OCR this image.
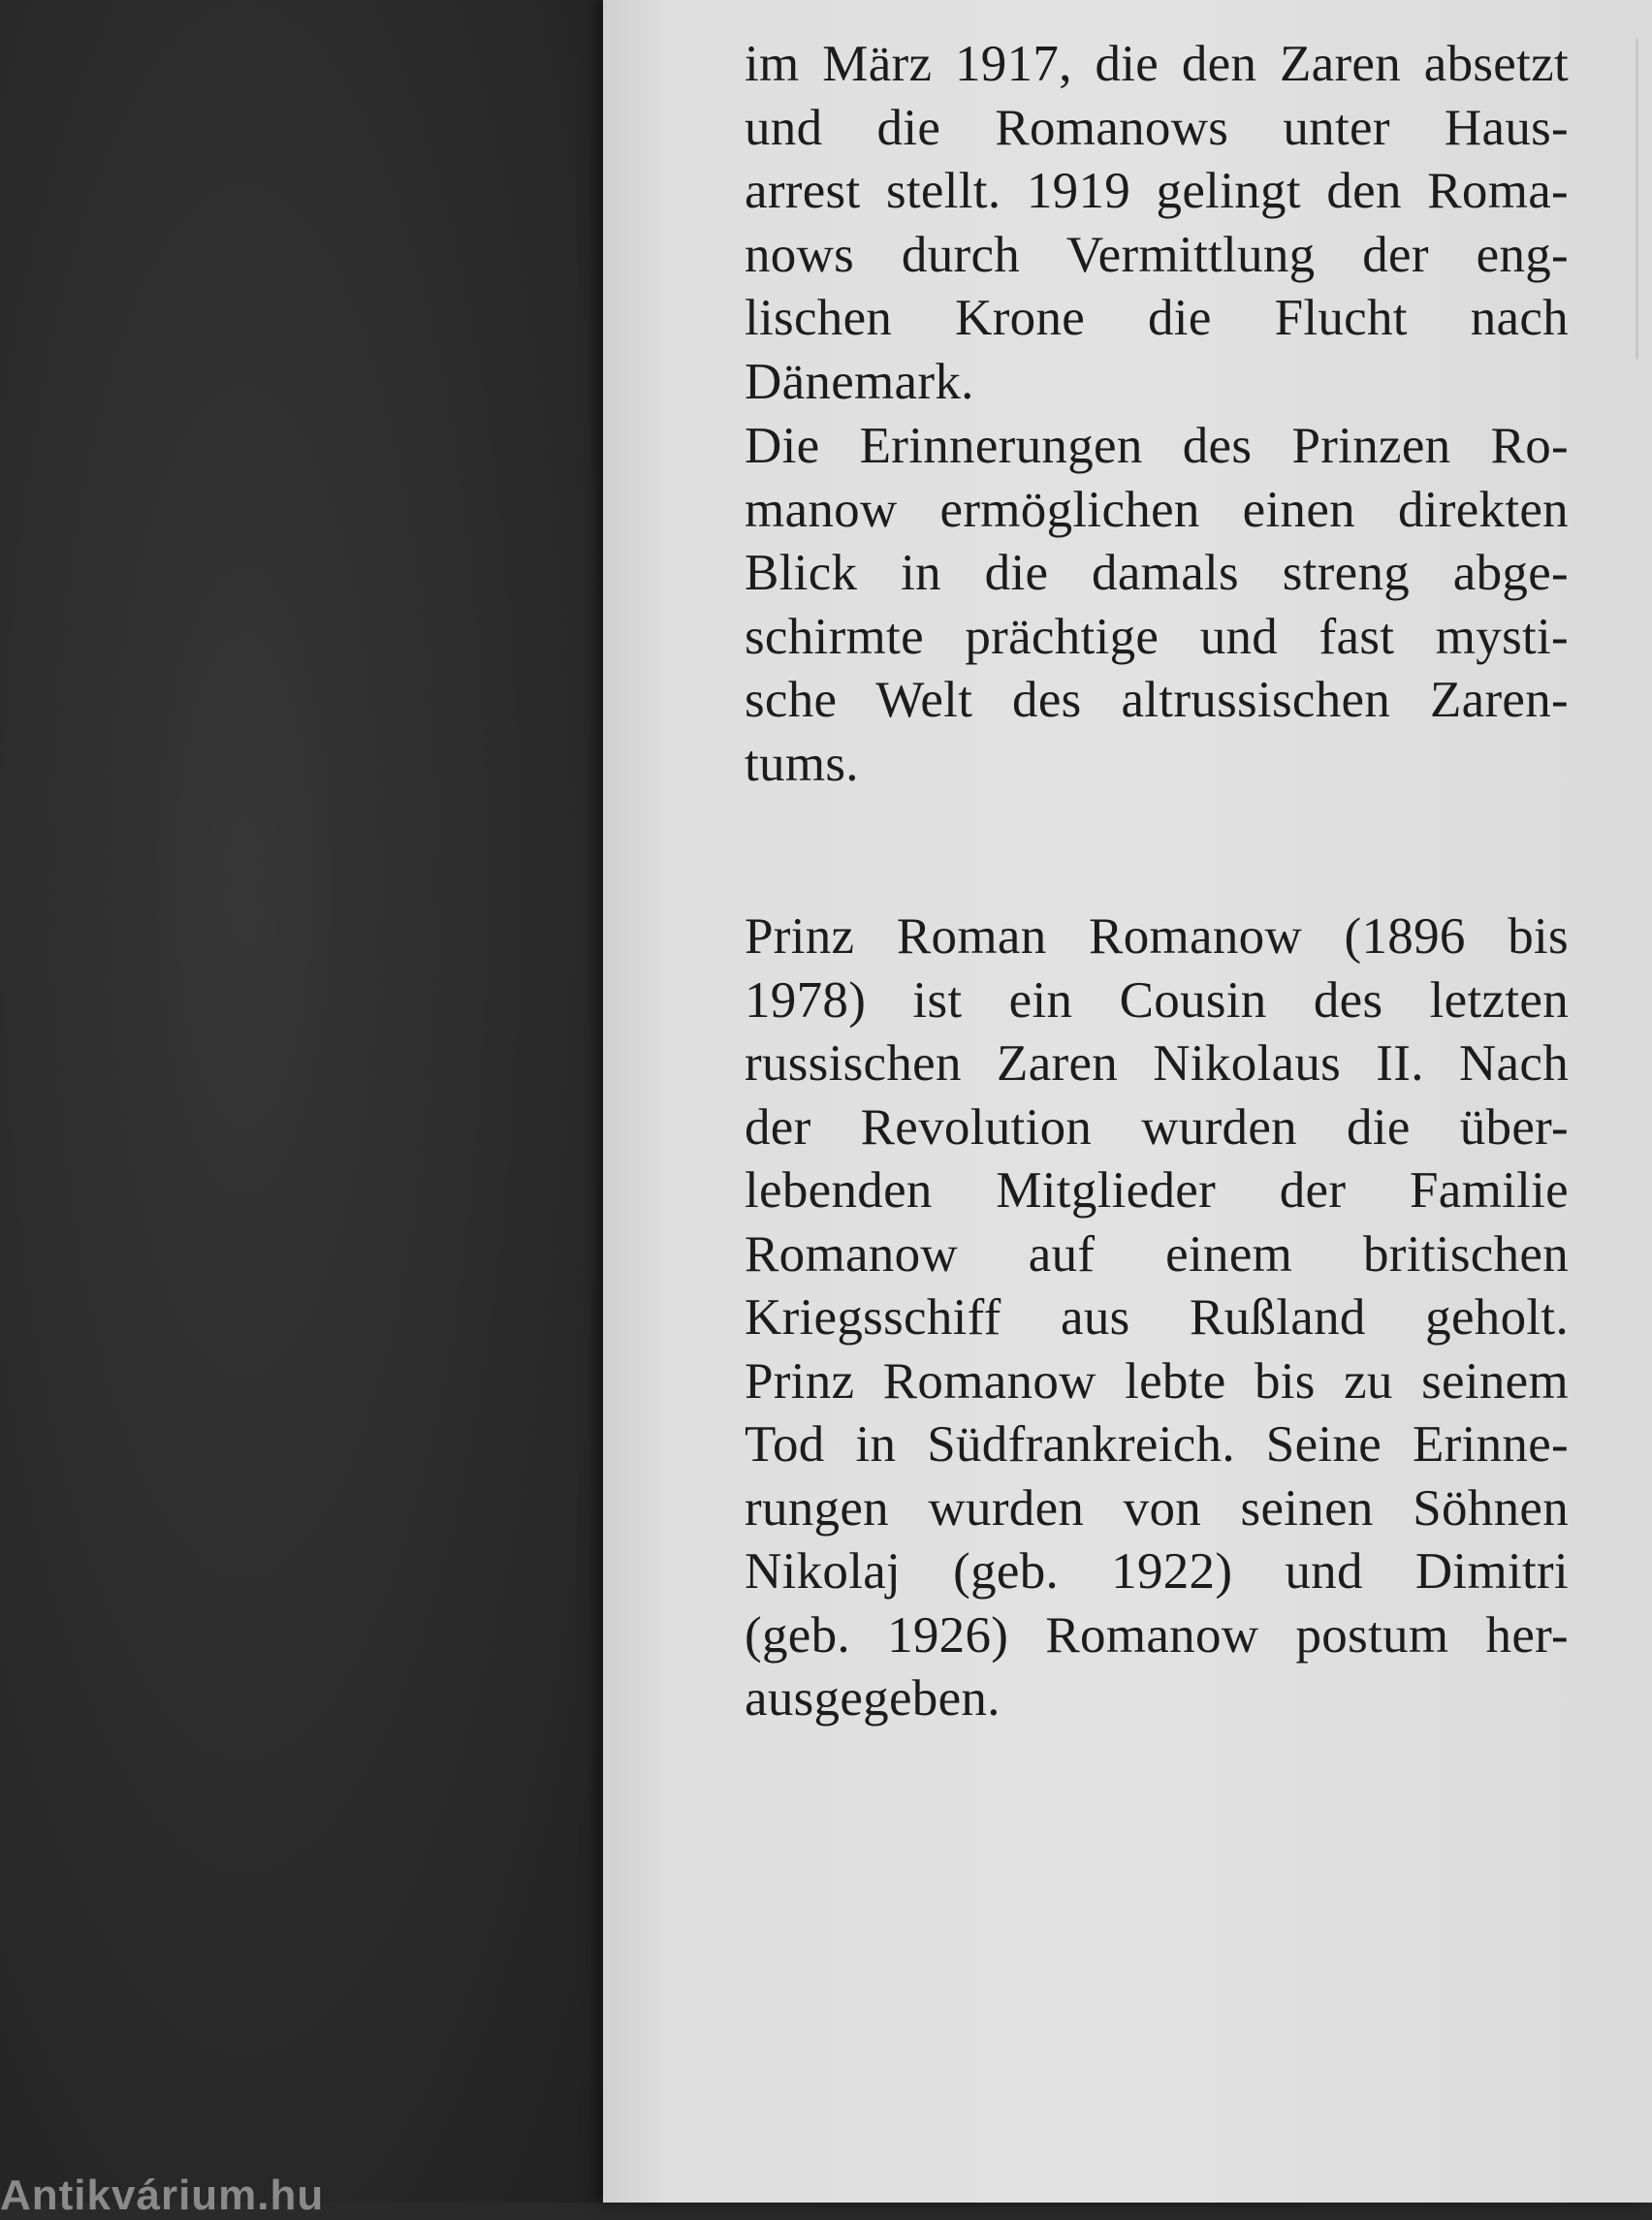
im März 1917, die den Zaren absetzt
und die Romanows unter Haus-
arrest stellt. 1919 gelingt den Roma-
nows durch Vermittlung der eng-
lischen Krone die Flucht nach
Dänemark.
Die Erinnerungen des Prinzen Ro-
manow ermöglichen einen direkten
Blick in die damals streng abge-
schirmte prächtige und fast mysti-
sche Welt des altrussischen Zaren-
tums.
Prinz Roman Romanow (1896 bis
1978) ist ein Cousin des letzten
russischen Zaren Nikolaus II. Nach
der Revolution wurden die über-
lebenden Mitglieder der Familie
Romanow auf einem britischen
Kriegsschiff aus Rußland geholt.
Prinz Romanow lebte bis zu seinem
Tod in Südfrankreich. Seine Erinne-
rungen wurden von seinen Söhnen
Nikolaj (geb. 1922) und Dimitri
(geb. 1926) Romanow postum her-
ausgegeben.
Antikvárium.hu
